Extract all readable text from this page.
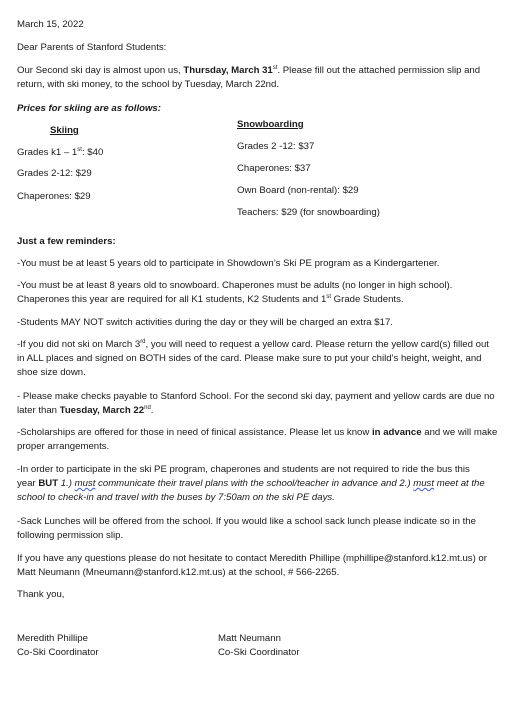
March 15, 2022
Dear Parents of Stanford Students:
Our Second ski day is almost upon us, Thursday, March 31st. Please fill out the attached permission slip and
return, with ski money, to the school by Tuesday, March 22nd.
Prices for skiing are as follows:
Skiing
Grades k1 – 1st: $40
Grades 2-12: $29
Chaperones: $29
Snowboarding
Grades 2 -12: $37
Chaperones: $37
Own Board (non-rental): $29
Teachers: $29 (for snowboarding)
Just a few reminders:
-You must be at least 5 years old to participate in Showdown’s Ski PE program as a Kindergartener.
-You must be at least 8 years old to snowboard. Chaperones must be adults (no longer in high school).
Chaperones this year are required for all K1 students, K2 Students and 1st Grade Students.
-Students MAY NOT switch activities during the day or they will be charged an extra $17.
-If you did not ski on March 3rd, you will need to request a yellow card. Please return the yellow card(s) filled out
in ALL places and signed on BOTH sides of the card. Please make sure to put your child’s height, weight, and
shoe size down.
- Please make checks payable to Stanford School. For the second ski day, payment and yellow cards are due no
later than Tuesday, March 22nd.
-Scholarships are offered for those in need of finical assistance. Please let us know in advance and we will make
proper arrangements.
-In order to participate in the ski PE program, chaperones and students are not required to ride the bus this
year BUT 1.) must communicate their travel plans with the school/teacher in advance and 2.) must meet at the
school to check-in and travel with the buses by 7:50am on the ski PE days.
-Sack Lunches will be offered from the school. If you would like a school sack lunch please indicate so in the
following permission slip.
If you have any questions please do not hesitate to contact Meredith Phillipe (mphillipe@stanford.k12.mt.us) or
Matt Neumann (Mneumann@stanford.k12.mt.us) at the school, # 566-2265.
Thank you,
Meredith Phillipe
Co-Ski Coordinator
Matt Neumann
Co-Ski Coordinator
